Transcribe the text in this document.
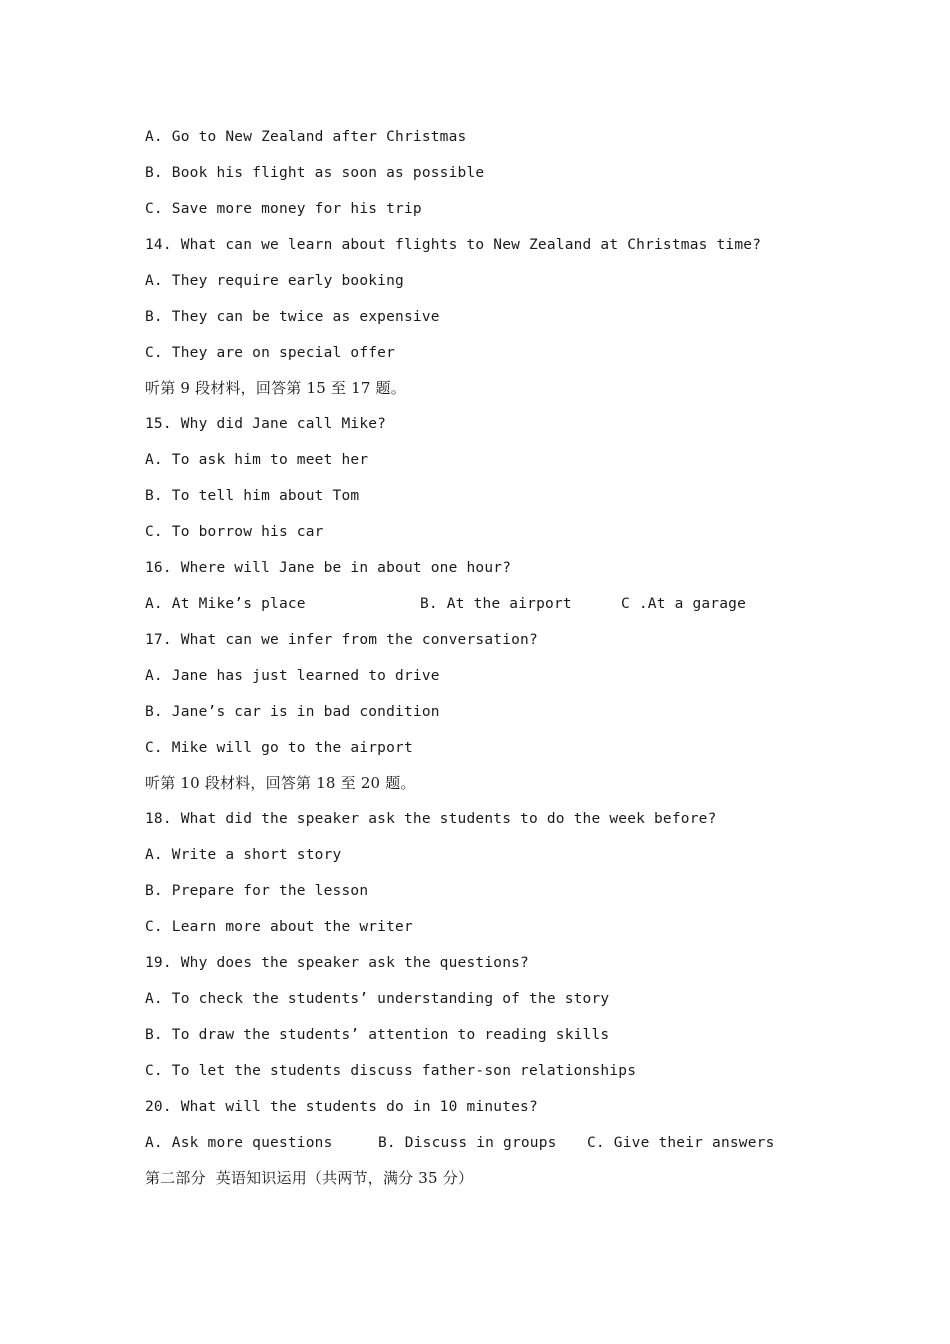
A. Go to New Zealand after Christmas
B. Book his flight as soon as possible
C. Save more money for his trip
14. What can we learn about flights to New Zealand at Christmas time?
A. They require early booking
B. They can be twice as expensive
C. They are on special offer
听第 9 段材料，回答第 15 至 17 题。
15. Why did Jane call Mike?
A. To ask him to meet her
B. To tell him about Tom
C. To borrow his car
16. Where will Jane be in about one hour?

A. At Mike’s place

	B. At the airport

	C .At a garage

17. What can we infer from the conversation?
A. Jane has just learned to drive
B. Jane’s car is in bad condition
C. Mike will go to the airport
听第 10 段材料，回答第 18 至 20 题。
18. What did the speaker ask the students to do the week before?
A. Write a short story
B. Prepare for the lesson
C. Learn more about the writer
19. Why does the speaker ask the questions?
A. To check the students’ understanding of the story
B. To draw the students’ attention to reading skills
C. To let the students discuss father-son relationships
20. What will the students do in 10 minutes?

A. Ask more questions

	B. Discuss in groups

C. Give their answers

第二部分  英语知识运用（共两节，满分 35 分）
